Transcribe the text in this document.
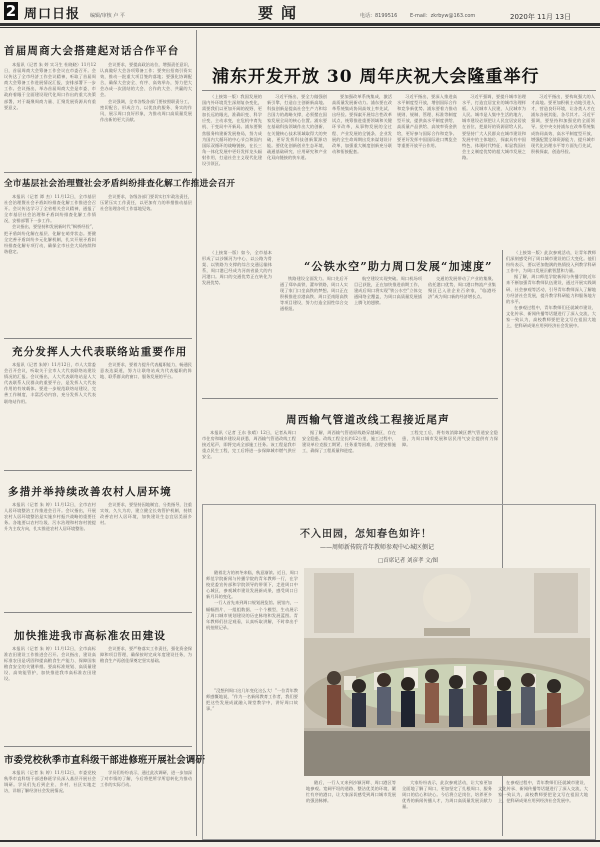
2 周口日报 编辑/审核 卢 平	要闻	电话：8199516	E-mail：zkrbyw@163.com	2020年 11月 13日
首届周商大会搭建起对话合作平台

本报讯（记者 朱 婷 实习生 杜晓晓）11月12日，首届周商大会筹备工作会议在市委召开。会议传达了全市经济工作会议精神，听取了首届周商大会筹备工作进展情况汇报，安排部署下一步工作。会议指出，举办首届周商大会是市委、市政府着眼于全面建设现代化周口作出的重大决策部署，对于凝聚周商力量、汇聚发展资源具有重要意义。

会议要求，要提高政治站位，增强责任意识，认真做好大会各项筹备工作；要突出招商引资实效，推动一批重大项目签约落地；要强化协调配合，确保大会安全、有序、高效举办，努力把大会办成一次团结的大会、合作的大会、共赢的大会。

会议强调，全市各级各部门要按照职责分工，密切配合，形成合力，以优良的服务、务实的作风，展示周口良好形象，为推动周口高质量发展作出新的更大贡献。

全市基层社会治理暨社会矛盾纠纷排查化解工作推进会召开

本报讯（记者 谭 杰）11月12日，全市基层社会治理暨社会矛盾纠纷排查化解工作推进会召开。会议传达学习了全省相关会议精神，通报了全市基层社会治理和矛盾纠纷排查化解工作情况，安排部署下一步工作。

会议指出，要坚持和发展新时代“枫桥经验”，把矛盾纠纷化解在基层、化解在萌芽状态。要健全完善矛盾纠纷多元化解机制，扎实开展矛盾纠纷排查化解专项行动，确保全市社会大局持续和谐稳定。

会议要求，各级各部门要切实扛牢政治责任，压紧压实工作责任，以更加有力的举措推动基层社会治理各项工作落地见效。

充分发挥人大代表联络站重要作用

本报讯（记者 朱婷）11月12日，市人大常委会召开会议，听取关于全市人大代表联络站建设情况的汇报。会议指出，人大代表联络站是人大代表联系人民群众的重要平台，是发挥人大代表作用的有效载体。要进一步规范联络站建设，完善工作制度，丰富活动内容，充分发挥人大代表联络站作用。

会议要求，要着力提升代表履职能力，畅通民意表达渠道，努力让联络站成为代表履职的阵地、联系群众的窗口、服务发展的平台。

多措并举持续改善农村人居环境

本报讯（记者 朱 婷）11月12日，全市农村人居环境整治工作推进会召开。会议指出，开展农村人居环境整治是实施乡村振兴战略的重要任务。各地要以农村垃圾、污水治理和村容村貌提升为主攻方向，扎实推进农村人居环境整治。

会议要求，要坚持因地制宜、分类指导，注重实效、久久为功，建立健全长效管护机制，持续改善农村人居环境，加快建设生态宜居美丽乡村。

加快推进我市高标准农田建设

本报讯（记者 朱 婷）11月12日，全市高标准农田建设工作推进会召开。会议指出，建设高标准农田是巩固和提高粮食生产能力、保障国家粮食安全的关键举措。要高标准规划、高质量建设、高效能管护，加快推进我市高标准农田建设。

会议要求，要严格落实工作责任，强化资金保障和项目管理，确保按时完成年度建设任务，为粮食生产再创佳绩奠定坚实基础。

市委党校秋季市直科级干部进修班开展社会调研

本报讯（记者 朱 婷）11月12日，市委党校秋季市直科级干部进修班学员深入基层开展社会调研。学员们先后到企业、乡村、社区实地走访，详细了解经济社会发展情况。

学员们纷纷表示，通过此次调研，进一步加深了对市情的了解，今后将把所学所思转化为推动工作的实际行动。

浦东开发开放 30 周年庆祝大会隆重举行

（上接第一版）我国发展的国内外环境发生深刻复杂变化，需要我们以更加开阔的视野、更加长远的眼光，准确识变、科学应变、主动求变，在危机中育先机、于变局中开新局。浦东要聚焦服务构建新发展格局，努力成为国内大循环的中心节点和国内国际双循环的战略链接，在长三角一体化发展中更好发挥龙头辐射作用，打造社会主义现代化建设引领区。

习近平指出，要全力做强创新引擎，打造自主创新新高地。科技创新是提高社会生产力和综合国力的战略支撑，必须摆在国家发展全局的核心位置。浦东要在基础科技领域作出大的创新、在关键核心技术领域取得大的突破，更好发挥科技创新策源功能。要优化创新创业生态环境，疏通基础研究、应用研究和产业化双向链接的快车道。

要加强改革系统集成，激活高质量发展新动力。浦东要在改革系统集成协同高效上率先试、出经验。要探索开展综合性改革试点，统筹推进重要领域和关键环节改革，从事物发展的全过程、产业发展的全链条、企业发展的全生命周期出发来谋划设计改革，加强重大制度创新充分联动和衔接配套。

习近平指出，要深入推进高水平制度型开放，增创国际合作和竞争新优势。浦东要着力推动规则、规制、管理、标准等制度型开放，提供高水平制度供给、高质量产品供给、高效率资金供给，更好参与国际合作和竞争。要更好发挥中国国际进口博览会等重要开放平台作用。

习近平强调，要提升城市治理水平，打造宜居宜业的城市治理样板。人民城市人民建，人民城市为人民。城市是人集中生活的地方，城市建设必须把让人民宜居安居放在首位，把最好的资源留给人民。要坚持广大人民群众在城市建设和发展中的主体地位，探索具有中国特色、体现时代特征、彰显我国社会主义制度优势的超大城市发展之路。

习近平指出，要构筑强大的人才高地。要更加积极主动地引进人才，营造良好环境，让各类人才在浦东各展其能、各尽其才。习近平强调，要坚持和加强党的全面领导。党中央支持浦东在改革系统集成协同高效、高水平制度型开放、增强配置全球资源能力、提升城市现代化治理水平等方面先行先试、积极探索、创造经验。

（上接第一版）如今，全市基本形成了以沙颍河为中心、以公路为骨架、以铁路为支撑的综合交通运输体系，周口港已经成为河南省最大的内河港口。周口的交通优势正在转化为发展优势。

“公铁水空”助力周口发展“加速度”

铁路建设全面发力。周口先后开通了郑阜高铁、漯阜铁路，周口人实现了家门口坐高铁的梦想。周口正在积极推进京港高铁、周口至南阳高铁等项目建设，努力打造全国性综合交通枢纽。

航空建设实现突破。周口机场项目已获批，正在加快推进前期工作，建成后周口将实现“铁公水空”立体交通网络全覆盖，为周口高质量发展插上腾飞的翅膀。

交通的发展带动了产业的集聚。依托港口优势，周口港口物流产业集聚区已入驻企业百余家，“临港经济”成为周口新的经济增长点。

（上接第一版）此次参观活动，让青年教师们深刻感受到了周口城市建设的巨大变化。他们纷纷表示，要以更加饱满的热情投入到教学科研工作中，为周口发展贡献智慧和力量。

据了解，周口师范学院新闻与传播学院近年来不断加强青年教师队伍建设，通过开展实践调研、社会参观等活动，引导青年教师深入了解地方经济社会发展，提升教学科研能力和服务地方的水平。

在参观过程中，青年教师们还就城市建设、文化传承、新闻传播等话题进行了深入交流，大家一致认为，高校教师要把论文写在祖国大地上，把科研成果应用到经济社会发展中。

周西输气管道改线工程接近尾声

本报讯（记者 王东 张晴）12日，记者从周口市住房和城乡建设局获悉，周西输气管道改线工程接近尾声，即将完成全部施工任务。该工程是我市重点民生工程，完工后将进一步保障城市燃气供应安全。

据了解，周西输气管道原线路穿越城区，存在安全隐患。改线工程全长约12公里，施工过程中，建设单位克服工期紧、任务重等困难，合理安排施工，确保了工程质量和进度。

工程完工后，将有效消除城区燃气管道安全隐患，为周口城市发展和居民用气安全提供有力保障。

不入田园，怎知春色如许！
——周师新传院青年教师参观中心城区侧记
□首席记者 刘彦孝 文/图

随着北方的初冬来临，秋意渐浓。近日，周口师范学院新闻与传播学院的青年教师一行，在学校党委宣传部和学院领导的带领下，走进周口中心城区，参观城市建设发展新成果，感受周口日新月异的变化。

一行人首先来到周口规划展览馆。展馆内，一幅幅图片、一组组数据、一个个模型，生动展示了周口城市规划建设的历史脉络和发展蓝图。青年教师们驻足观看，认真听取讲解，不时拿出手机拍照记录。

“没想到周口这几年变化这么大！”一位青年教师感慨地说，“作为一名新闻教育工作者，我们要把这些发展成就融入课堂教学中，讲好周口故事。”

随后，一行人又来到沙颍河畔、周口港区等地参观。宽阔平坦的道路、整洁优美的环境、繁忙有序的港口，让大家深切感受到周口城市发展的强劲脉搏。

大家纷纷表示，此次参观活动，让大家更加全面地了解了周口，更加坚定了扎根周口、服务周口的信心和决心。今后将立足岗位，培养更多优秀的新闻传播人才，为周口高质量发展贡献力量。

在参观过程中，青年教师们还就城市建设、文化传承、新闻传播等话题进行了深入交流，大家一致认为，高校教师要把论文写在祖国大地上，把科研成果应用到经济社会发展中。
